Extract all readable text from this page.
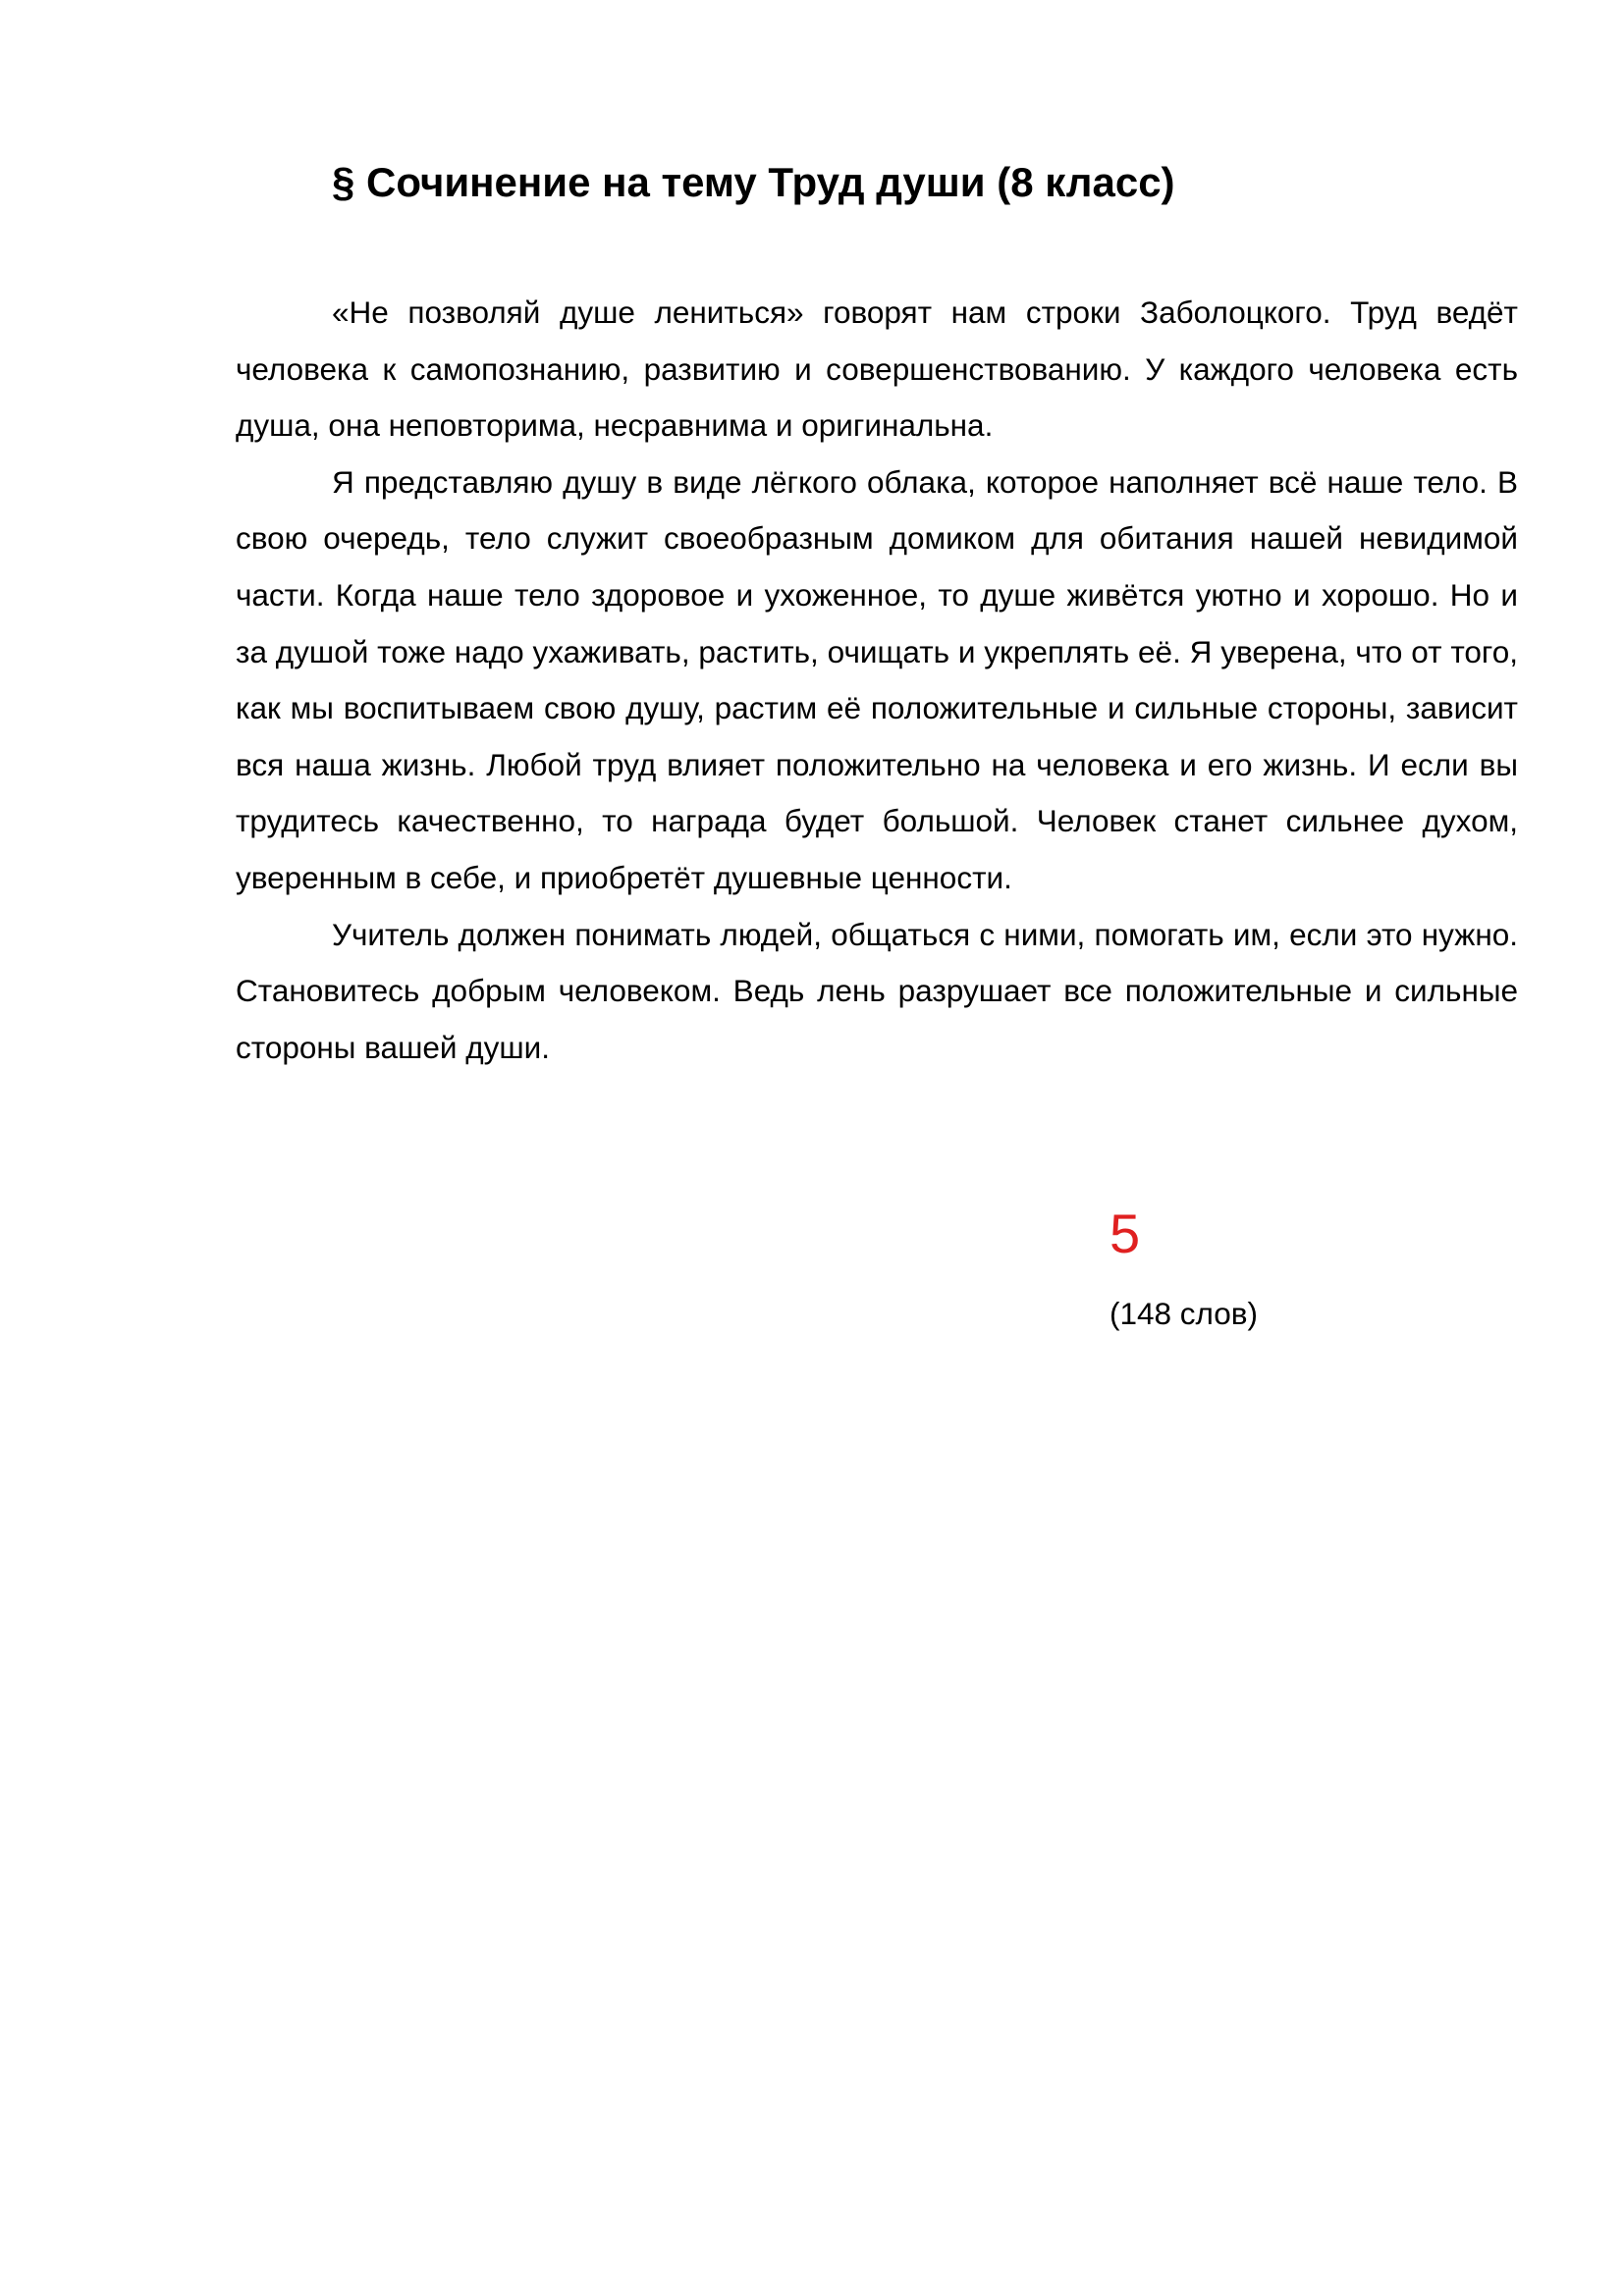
§ Сочинение на тему Труд души (8 класс)

«Не позволяй душе лениться» говорят нам строки Заболоцкого. Труд ведёт человека к самопознанию, развитию и совершенствованию. У каждого человека есть душа, она неповторима, несравнима и оригинальна.

Я представляю душу в виде лёгкого облака, которое наполняет всё наше тело. В свою очередь, тело служит своеобразным домиком для обитания нашей невидимой части. Когда наше тело здоровое и ухоженное, то душе живётся уютно и хорошо. Но и за душой тоже надо ухаживать, растить, очищать и укреплять её. Я уверена, что от того, как мы воспитываем свою душу, растим её положительные и сильные стороны, зависит вся наша жизнь. Любой труд влияет положительно на человека и его жизнь. И если вы трудитесь качественно, то награда будет большой. Человек станет сильнее духом, уверенным в себе, и приобретёт душевные ценности.

Учитель должен понимать людей, общаться с ними, помогать им, если это нужно. Становитесь добрым человеком. Ведь лень разрушает все положительные и сильные стороны вашей души.

5
(148 слов)
